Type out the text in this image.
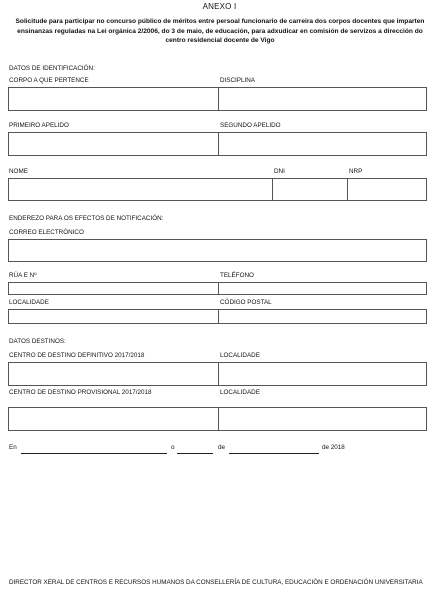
ANEXO I
Solicitude para participar no concurso público de méritos entre persoal funcionario de carreira dos corpos docentes que imparten ensinanzas reguladas na Lei orgánica 2/2006, do 3 de maio, de educación, para adxudicar en comisión de servizos a dirección do centro residencial docente de Vigo
DATOS DE IDENTIFICACIÓN:
CORPO A QUE PERTENCE	DISCIPLINA
PRIMEIRO APELIDO	SEGUNDO APELIDO
NOME	DNI	NRP
ENDEREZO PARA OS EFECTOS DE NOTIFICACIÓN:
CORREO ELECTRÓNICO
RÚA E Nº	TELÉFONO
LOCALIDADE	CÓDIGO POSTAL
DATOS DESTINOS:
CENTRO DE DESTINO DEFINITIVO 2017/2018	LOCALIDADE
CENTRO DE DESTINO PROVISIONAL 2017/2018	LOCALIDADE
En	o	de	de 2018
DIRECTOR XERAL DE CENTROS E RECURSOS HUMANOS DA CONSELLERÍA DE CULTURA, EDUCACIÓN E ORDENACIÓN UNIVERSITARIA
